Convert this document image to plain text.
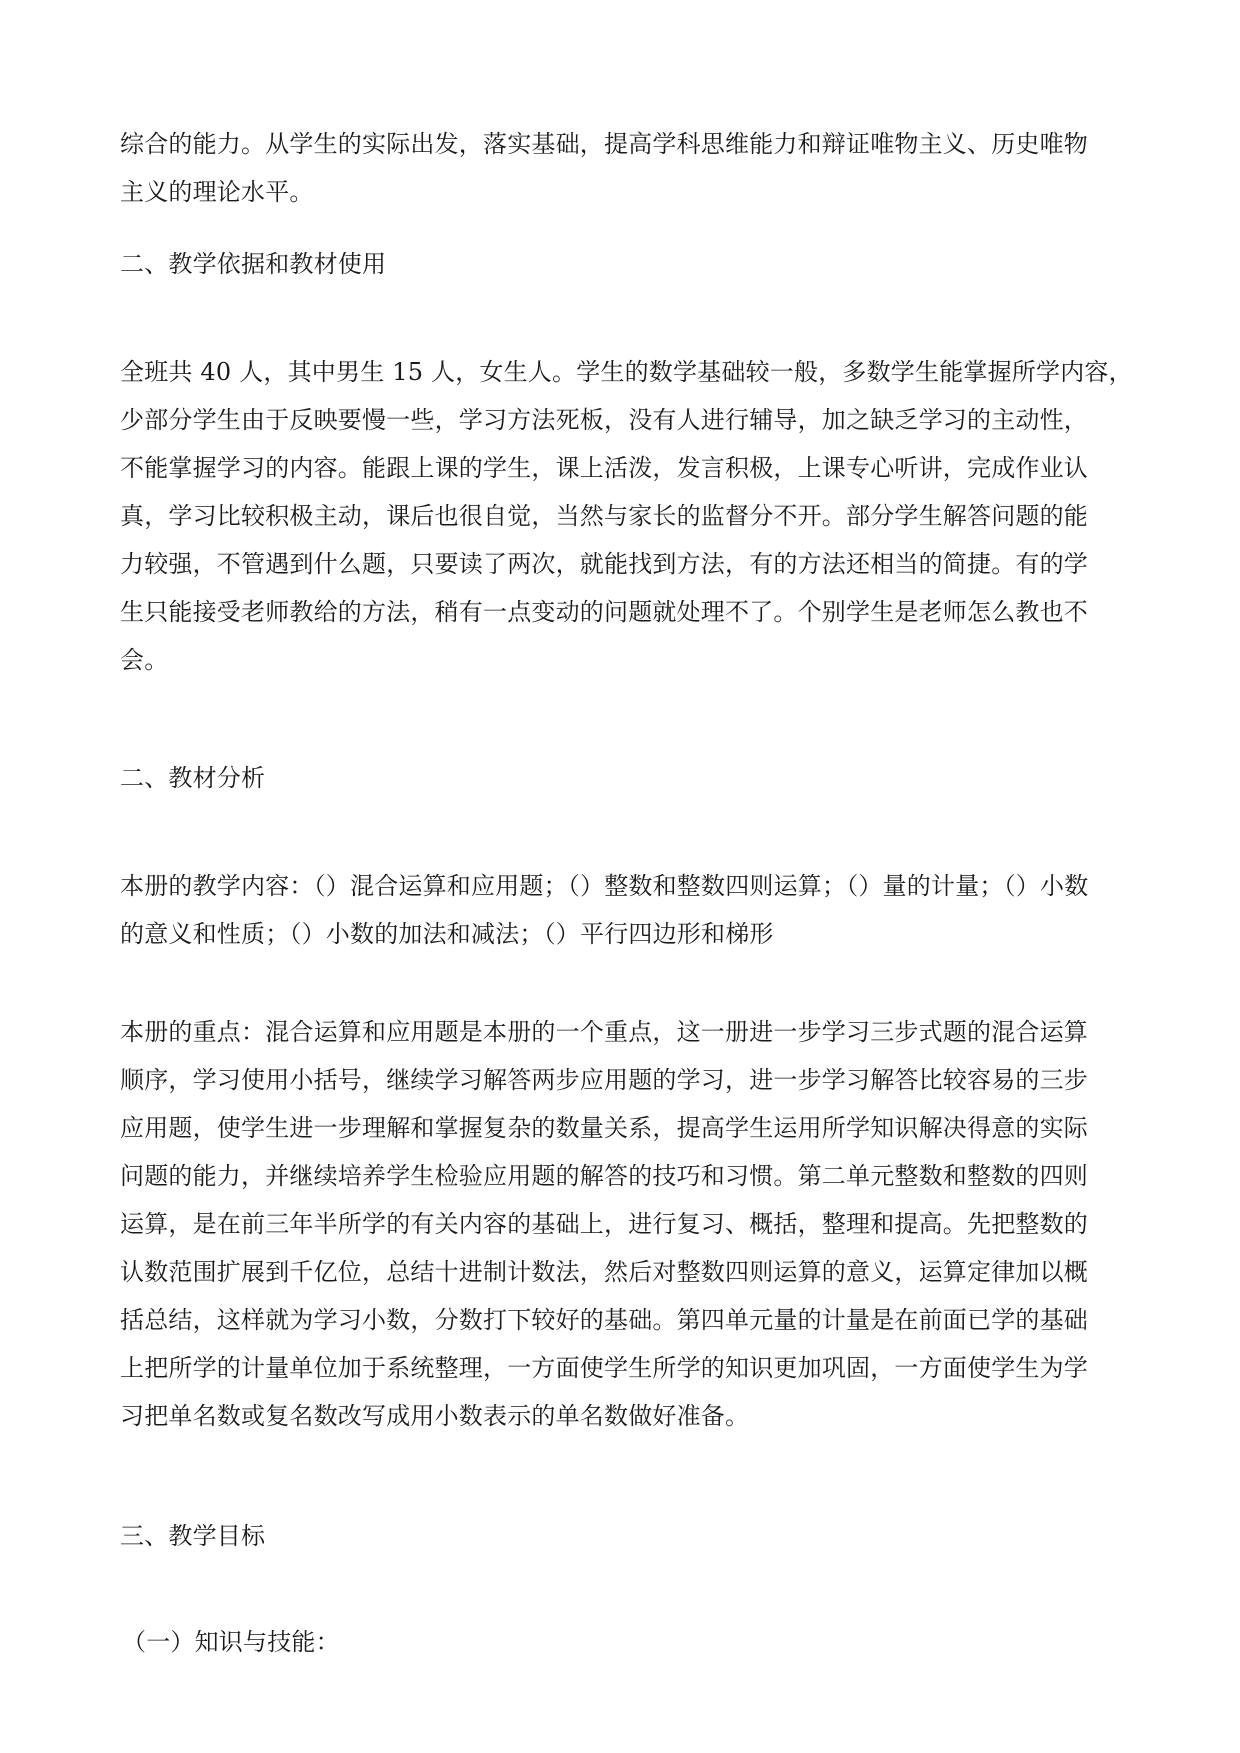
综合的能力。从学生的实际出发，落实基础，提高学科思维能力和辩证唯物主义、历史唯物
主义的理论水平。
二、教学依据和教材使用
全班共 40 人，其中男生 15 人，女生人。学生的数学基础较一般，多数学生能掌握所学内容，
少部分学生由于反映要慢一些，学习方法死板，没有人进行辅导，加之缺乏学习的主动性，
不能掌握学习的内容。能跟上课的学生，课上活泼，发言积极，上课专心听讲，完成作业认
真，学习比较积极主动，课后也很自觉，当然与家长的监督分不开。部分学生解答问题的能
力较强，不管遇到什么题，只要读了两次，就能找到方法，有的方法还相当的简捷。有的学
生只能接受老师教给的方法，稍有一点变动的问题就处理不了。个别学生是老师怎么教也不
会。
二、教材分析
本册的教学内容：（）混合运算和应用题；（）整数和整数四则运算；（）量的计量；（）小数
的意义和性质；（）小数的加法和减法；（）平行四边形和梯形
本册的重点：混合运算和应用题是本册的一个重点，这一册进一步学习三步式题的混合运算
顺序，学习使用小括号，继续学习解答两步应用题的学习，进一步学习解答比较容易的三步
应用题，使学生进一步理解和掌握复杂的数量关系，提高学生运用所学知识解决得意的实际
问题的能力，并继续培养学生检验应用题的解答的技巧和习惯。第二单元整数和整数的四则
运算，是在前三年半所学的有关内容的基础上，进行复习、概括，整理和提高。先把整数的
认数范围扩展到千亿位，总结十进制计数法，然后对整数四则运算的意义，运算定律加以概
括总结，这样就为学习小数，分数打下较好的基础。第四单元量的计量是在前面已学的基础
上把所学的计量单位加于系统整理，一方面使学生所学的知识更加巩固，一方面使学生为学
习把单名数或复名数改写成用小数表示的单名数做好准备。
三、教学目标
（一）知识与技能：
